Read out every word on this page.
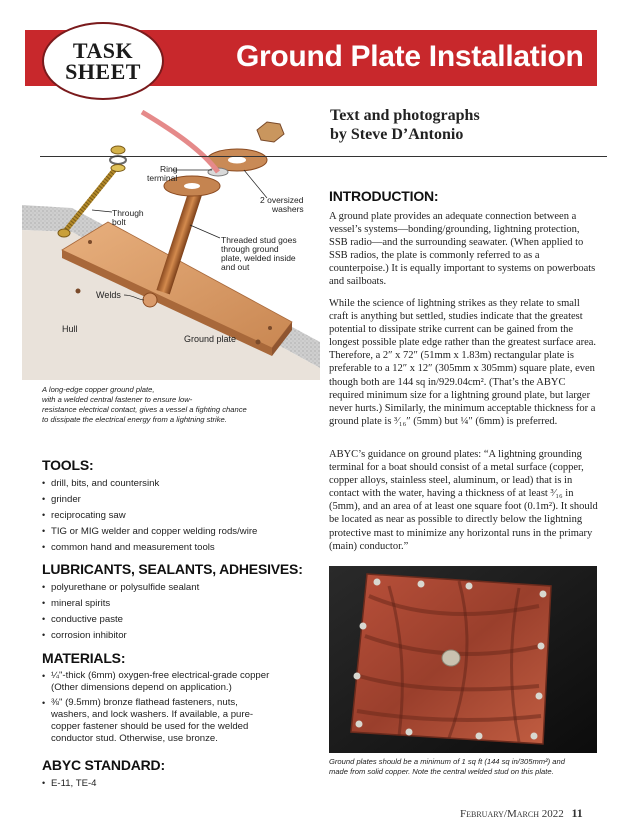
TASK
SHEET	Ground Plate Installation
Text and photographs
by Steve D’Antonio
Ring
terminal
2 oversized
washers
Through
bolt
Threaded stud goes
through ground
plate, welded inside
and out
Welds
Hull
Ground plate
A long-edge copper ground plate,
with a welded central fastener to ensure low-
resistance electrical contact, gives a vessel a fighting chance
to dissipate the electrical energy from a lightning strike.
TOOLS:
• drill, bits, and countersink
• grinder
• reciprocating saw
• TIG or MIG welder and copper welding rods/wire
• common hand and measurement tools
LUBRICANTS, SEALANTS, ADHESIVES:
• polyurethane or polysulfide sealant
• mineral spirits
• conductive paste
• corrosion inhibitor
MATERIALS:
• ¼"-thick (6mm) oxygen-free electrical-grade copper
(Other dimensions depend on application.)
• ⅜" (9.5mm) bronze flathead fasteners, nuts,
washers, and lock washers. If available, a pure-
copper fastener should be used for the welded
conductor stud. Otherwise, use bronze.
ABYC STANDARD:
• E-11, TE-4
INTRODUCTION:

A ground plate provides an adequate connection between a vessel’s systems—bonding/grounding, lightning protection, SSB radio—and the surrounding seawater. (When applied to SSB radios, the plate is commonly referred to as a counterpoise.) It is equally important to systems on powerboats and sailboats.

While the science of lightning strikes as they relate to small craft is anything but settled, studies indicate that the greatest potential to dissipate strike current can be gained from the longest possible plate edge rather than the greatest surface area. Therefore, a 2″ x 72″ (51mm x 1.83m) rectangular plate is preferable to a 12″ x 12″ (305mm x 305mm) square plate, even though both are 144 sq in/929.04cm². (That’s the ABYC required minimum size for a lightning ground plate, but larger never hurts.) Similarly, the minimum acceptable thickness for a ground plate is ³⁄₁₆″ (5mm) but ¼″ (6mm) is preferred.

ABYC’s guidance on ground plates: “A lightning grounding terminal for a boat should consist of a metal surface (copper, copper alloys, stainless steel, aluminum, or lead) that is in contact with the water, having a thickness of at least ³⁄₁₆ in (5mm), and an area of at least one square foot (0.1m²). It should be located as near as possible to directly below the lightning protective mast to minimize any horizontal runs in the primary (main) conductor.”

Ground plates should be a minimum of 1 sq ft (144 sq in/305mm²) and
made from solid copper. Note the central welded stud on this plate.
February/March 2022 11
